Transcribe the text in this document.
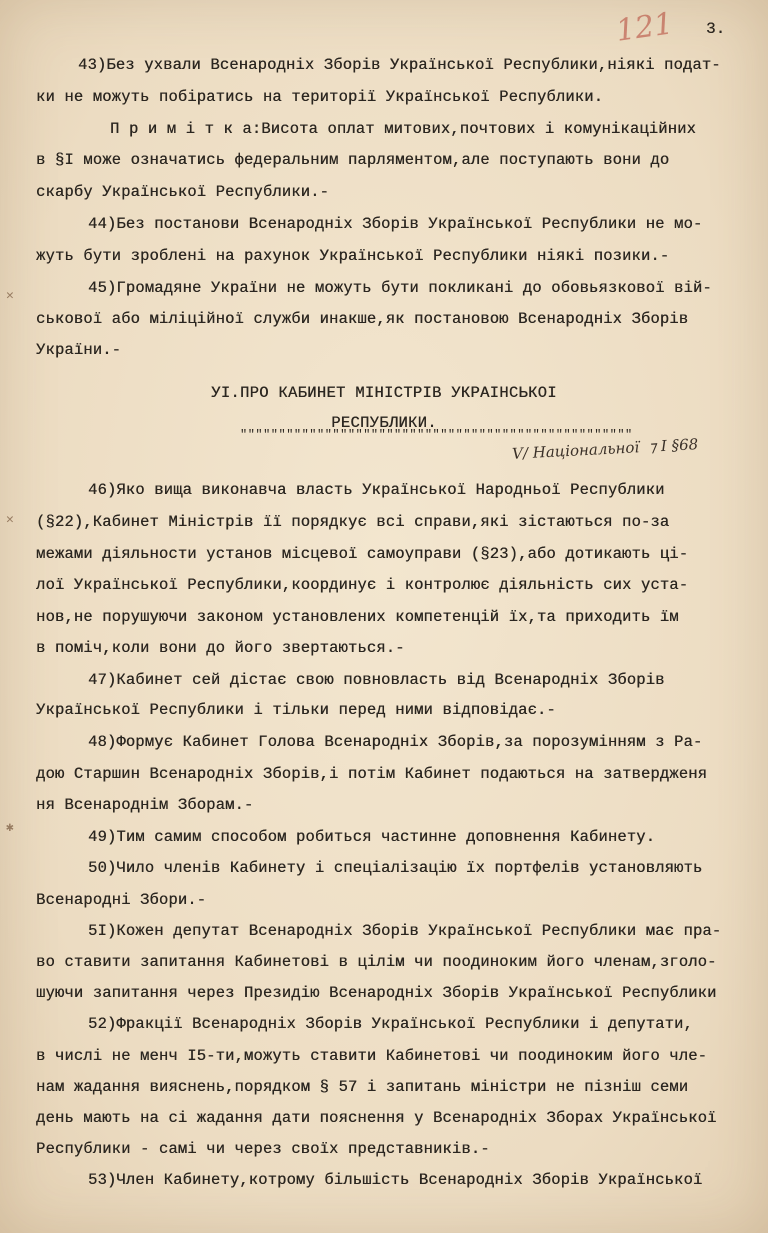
121 3.
✕
✕
✱
43)Без ухвали Всенародніх Зборів Української Республики,ніякі подат-
ки не можуть побіратись на території Української Республики.
П р и м і т к а:Висота оплат митових,почтових і комунікаційних
в §I може означатись федеральним парляментом,але поступають вони до
скарбу Української Республики.-
44)Без постанови Всенародніх Зборів Української Республики не мо-
жуть бути зроблені на рахунок Української Республики ніякі позики.-
45)Громадяне України не можуть бути покликані до обовьязкової вій-
ськової або міліційної служби инакше,як постановою Всенародніх Зборів
України.-
УI.ПРО КАБИНЕТ МІНІСТРІВ УКРАІНСЬКОІ
РЕСПУБЛИКИ.
"""""""""""""""""""""""""""""""""""""""""""""""""""
V/ Національної  ⁊ I §68
46)Яко вища виконавча власть Української Народньої Республики
(§22),Кабинет Міністрів її порядкує всі справи,які зістаються по-за
межами діяльности установ місцевої самоуправи (§23),або дотикають ці-
лої Української Республики,координує і контролює діяльність сих уста-
нов,не порушуючи законом установлених компетенцій їх,та приходить їм
в поміч,коли вони до його звертаються.-
47)Кабинет сей дістає свою повновласть від Всенародніх Зборів
Української Республики і тільки перед ними відповідає.-
48)Формує Кабинет Голова Всенародніх Зборів,за порозумінням з Ра-
дою Старшин Всенародніх Зборів,і потім Кабинет подаються на затвердженя
ня Всенароднім Зборам.-
49)Тим самим способом робиться частинне доповнення Кабинету.
50)Чило членів Кабинету і спеціалізацію їх портфелів установляють
Всенародні Збори.-
5I)Кожен депутат Всенародніх Зборів Української Республики має пра-
во ставити запитання Кабинетові в цілім чи поодиноким його членам,зголо-
шуючи запитання через Президію Всенародніх Зборів Української Республики
52)Фракції Всенародніх Зборів Української Республики і депутати,
в числі не менч I5-ти,можуть ставити Кабинетові чи поодиноким його чле-
нам жадання вияснень,порядком § 57 і запитань міністри не пізніш семи
день мають на сі жадання дати пояснення у Всенародніх Зборах Української
Республики - самі чи через своїх представників.-
53)Член Кабинету,котрому більшість Всенародніх Зборів Української
